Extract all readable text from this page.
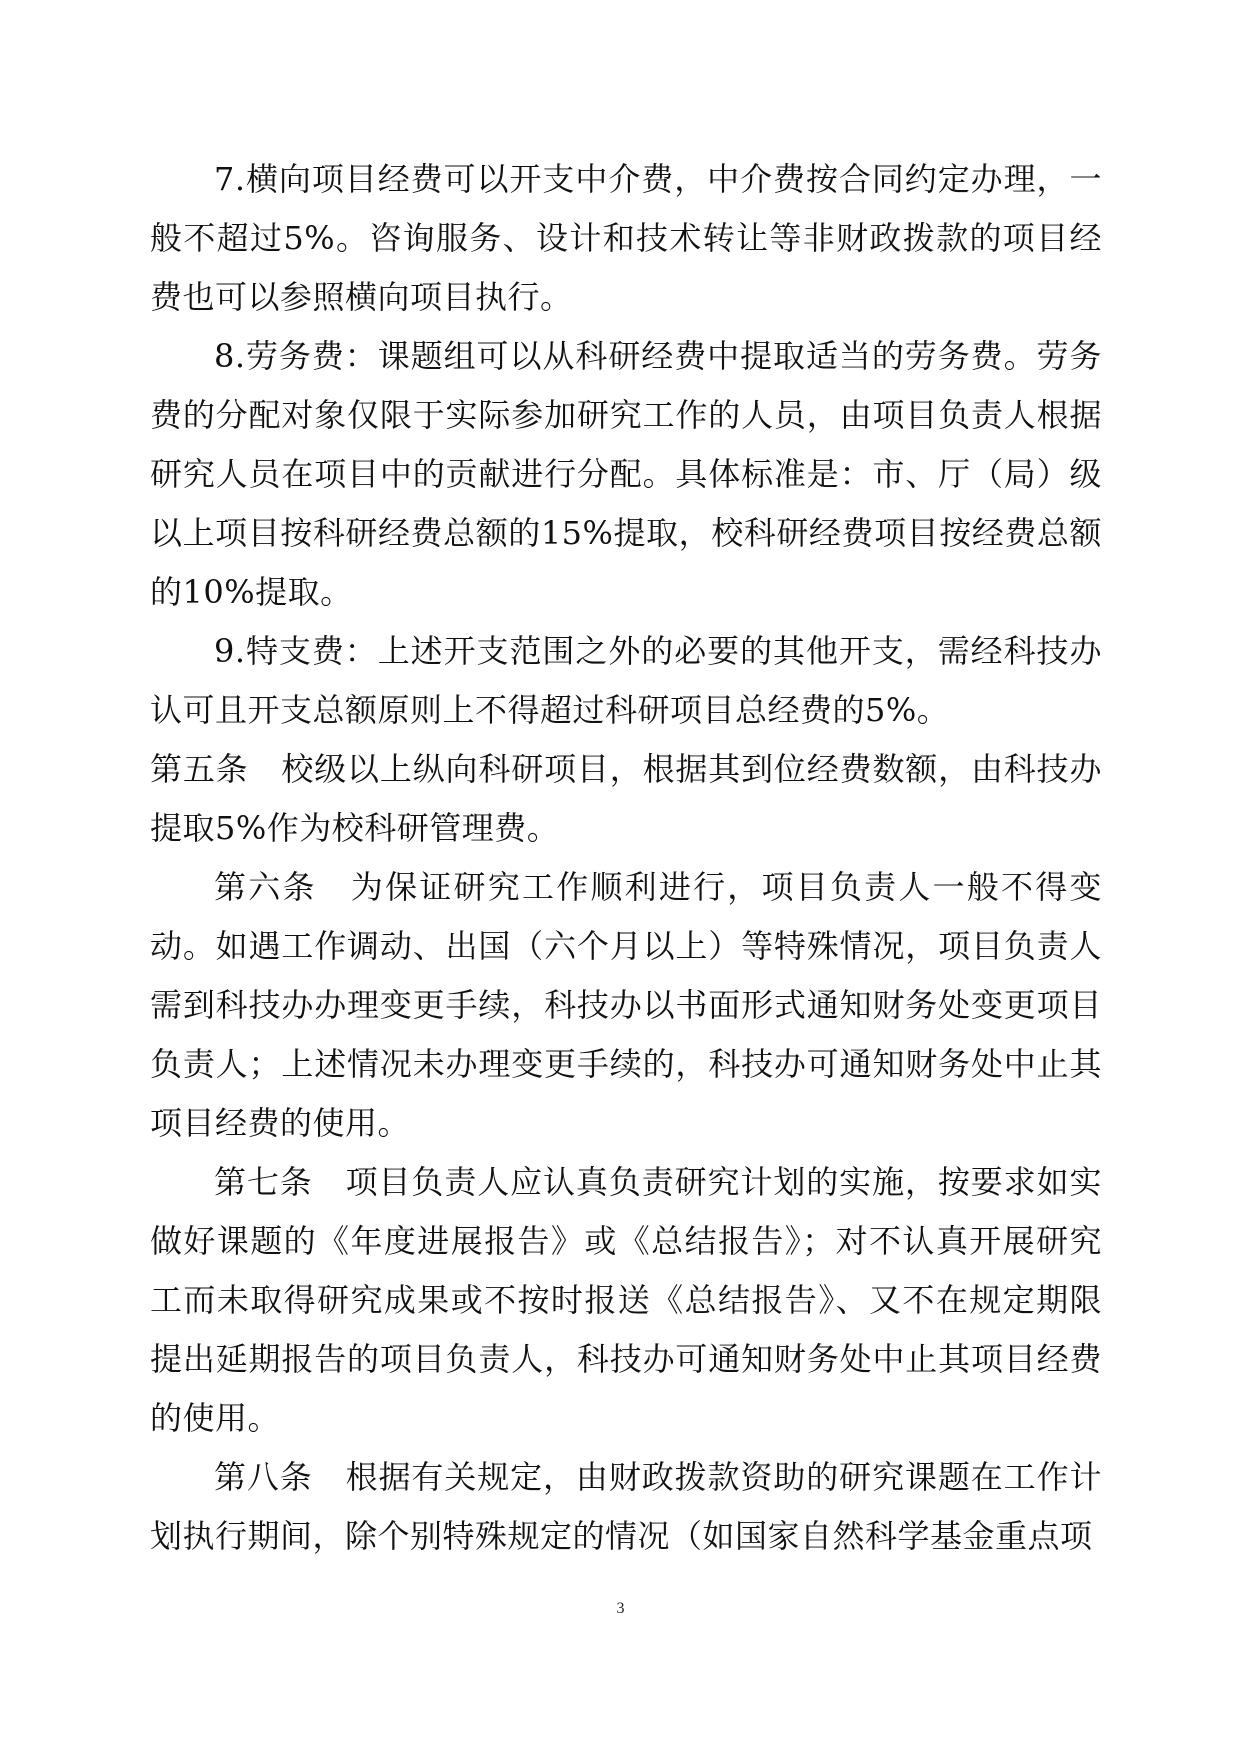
7.横向项目经费可以开支中介费，中介费按合同约定办理，一般不超过5%。咨询服务、设计和技术转让等非财政拨款的项目经费也可以参照横向项目执行。

8.劳务费：课题组可以从科研经费中提取适当的劳务费。劳务费的分配对象仅限于实际参加研究工作的人员，由项目负责人根据研究人员在项目中的贡献进行分配。具体标准是：市、厅（局）级以上项目按科研经费总额的15%提取，校科研经费项目按经费总额的10%提取。

9.特支费：上述开支范围之外的必要的其他开支，需经科技办认可且开支总额原则上不得超过科研项目总经费的5%。

第五条　校级以上纵向科研项目，根据其到位经费数额，由科技办提取5%作为校科研管理费。

第六条　为保证研究工作顺利进行，项目负责人一般不得变动。如遇工作调动、出国（六个月以上）等特殊情况，项目负责人需到科技办办理变更手续，科技办以书面形式通知财务处变更项目负责人；上述情况未办理变更手续的，科技办可通知财务处中止其项目经费的使用。

第七条　项目负责人应认真负责研究计划的实施，按要求如实做好课题的《年度进展报告》或《总结报告》；对不认真开展研究工而未取得研究成果或不按时报送《总结报告》、又不在规定期限提出延期报告的项目负责人，科技办可通知财务处中止其项目经费的使用。

第八条　根据有关规定，由财政拨款资助的研究课题在工作计划执行期间，除个别特殊规定的情况（如国家自然科学基金重点项

3
